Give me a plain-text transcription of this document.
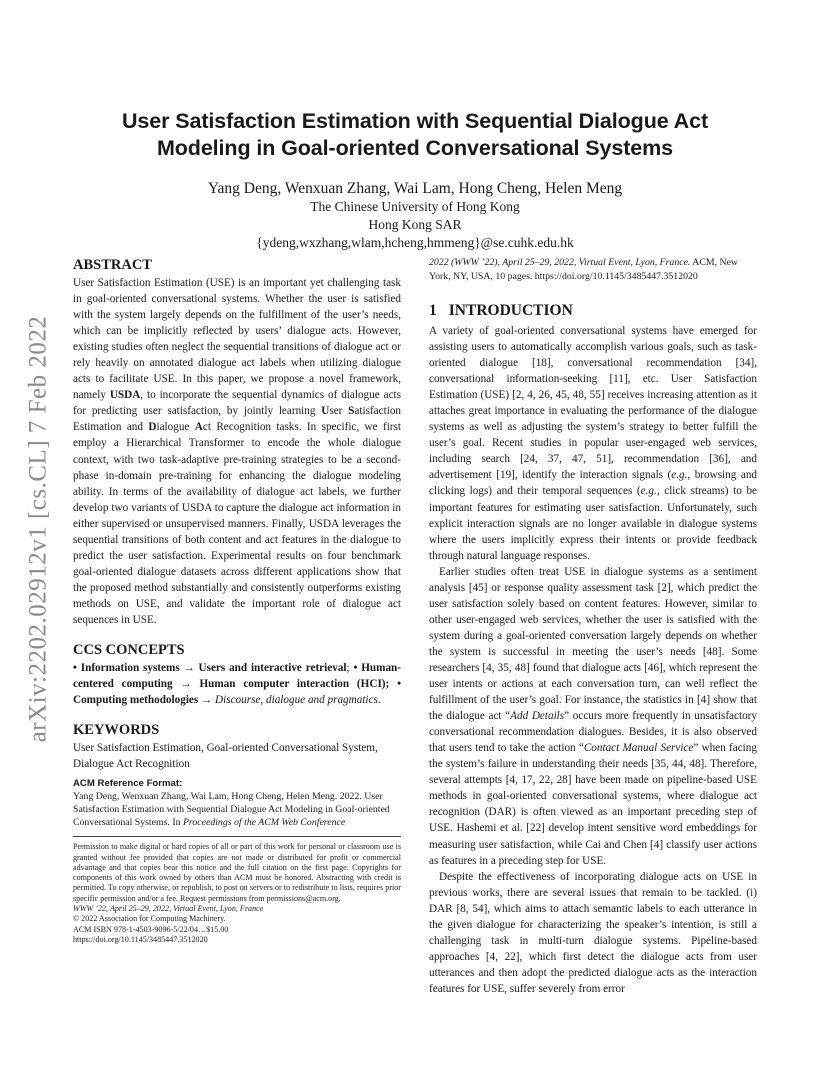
arXiv:2202.02912v1 [cs.CL] 7 Feb 2022
User Satisfaction Estimation with Sequential Dialogue Act
Modeling in Goal-oriented Conversational Systems
Yang Deng, Wenxuan Zhang, Wai Lam, Hong Cheng, Helen Meng
The Chinese University of Hong Kong
Hong Kong SAR
{ydeng,wxzhang,wlam,hcheng,hmmeng}@se.cuhk.edu.hk
ABSTRACT

User Satisfaction Estimation (USE) is an important yet challenging task in goal-oriented conversational systems. Whether the user is satisfied with the system largely depends on the fulfillment of the user’s needs, which can be implicitly reflected by users’ dialogue acts. However, existing studies often neglect the sequential transitions of dialogue act or rely heavily on annotated dialogue act labels when utilizing dialogue acts to facilitate USE. In this paper, we propose a novel framework, namely USDA, to incorporate the sequential dynamics of dialogue acts for predicting user satisfaction, by jointly learning User Satisfaction Estimation and Dialogue Act Recognition tasks. In specific, we first employ a Hierarchical Transformer to encode the whole dialogue context, with two task-adaptive pre-training strategies to be a second-phase in-domain pre-training for enhancing the dialogue modeling ability. In terms of the availability of dialogue act labels, we further develop two variants of USDA to capture the dialogue act information in either supervised or unsupervised manners. Finally, USDA leverages the sequential transitions of both content and act features in the dialogue to predict the user satisfaction. Experimental results on four benchmark goal-oriented dialogue datasets across different applications show that the proposed method substantially and consistently outperforms existing methods on USE, and validate the important role of dialogue act sequences in USE.

CCS CONCEPTS

• Information systems → Users and interactive retrieval; • Human-centered computing → Human computer interaction (HCI); • Computing methodologies → Discourse, dialogue and pragmatics.

KEYWORDS

User Satisfaction Estimation, Goal-oriented Conversational System, Dialogue Act Recognition

ACM Reference Format:

Yang Deng, Wenxuan Zhang, Wai Lam, Hong Cheng, Helen Meng. 2022. User Satisfaction Estimation with Sequential Dialogue Act Modeling in Goal-oriented Conversational Systems. In Proceedings of the ACM Web Conference

Permission to make digital or hard copies of all or part of this work for personal or classroom use is granted without fee provided that copies are not made or distributed for profit or commercial advantage and that copies bear this notice and the full citation on the first page. Copyrights for components of this work owned by others than ACM must be honored. Abstracting with credit is permitted. To copy otherwise, or republish, to post on servers or to redistribute to lists, requires prior specific permission and/or a fee. Request permissions from permissions@acm.org.

WWW ’22, April 25–29, 2022, Virtual Event, Lyon, France

© 2022 Association for Computing Machinery.

ACM ISBN 978-1-4503-9096-5/22/04…$15.00

https://doi.org/10.1145/3485447.3512020

2022 (WWW ’22), April 25–29, 2022, Virtual Event, Lyon, France. ACM, New York, NY, USA, 10 pages. https://doi.org/10.1145/3485447.3512020

1 INTRODUCTION

A variety of goal-oriented conversational systems have emerged for assisting users to automatically accomplish various goals, such as task-oriented dialogue [18], conversational recommendation [34], conversational information-seeking [11], etc. User Satisfaction Estimation (USE) [2, 4, 26, 45, 48, 55] receives increasing attention as it attaches great importance in evaluating the performance of the dialogue systems as well as adjusting the system’s strategy to better fulfill the user’s goal. Recent studies in popular user-engaged web services, including search [24, 37, 47, 51], recommendation [36], and advertisement [19], identify the interaction signals (e.g., browsing and clicking logs) and their temporal sequences (e.g., click streams) to be important features for estimating user satisfaction. Unfortunately, such explicit interaction signals are no longer available in dialogue systems where the users implicitly express their intents or provide feedback through natural language responses.

Earlier studies often treat USE in dialogue systems as a sentiment analysis [45] or response quality assessment task [2], which predict the user satisfaction solely based on content features. However, similar to other user-engaged web services, whether the user is satisfied with the system during a goal-oriented conversation largely depends on whether the system is successful in meeting the user’s needs [48]. Some researchers [4, 35, 48] found that dialogue acts [46], which represent the user intents or actions at each conversation turn, can well reflect the fulfillment of the user’s goal. For instance, the statistics in [4] show that the dialogue act “Add Details” occurs more frequently in unsatisfactory conversational recommendation dialogues. Besides, it is also observed that users tend to take the action “Contact Manual Service” when facing the system’s failure in understanding their needs [35, 44, 48]. Therefore, several attempts [4, 17, 22, 28] have been made on pipeline-based USE methods in goal-oriented conversational systems, where dialogue act recognition (DAR) is often viewed as an important preceding step of USE. Hashemi et al. [22] develop intent sensitive word embeddings for measuring user satisfaction, while Cai and Chen [4] classify user actions as features in a preceding step for USE.

Despite the effectiveness of incorporating dialogue acts on USE in previous works, there are several issues that remain to be tackled. (i) DAR [8, 54], which aims to attach semantic labels to each utterance in the given dialogue for characterizing the speaker’s intention, is still a challenging task in multi-turn dialogue systems. Pipeline-based approaches [4, 22], which first detect the dialogue acts from user utterances and then adopt the predicted dialogue acts as the interaction features for USE, suffer severely from error
